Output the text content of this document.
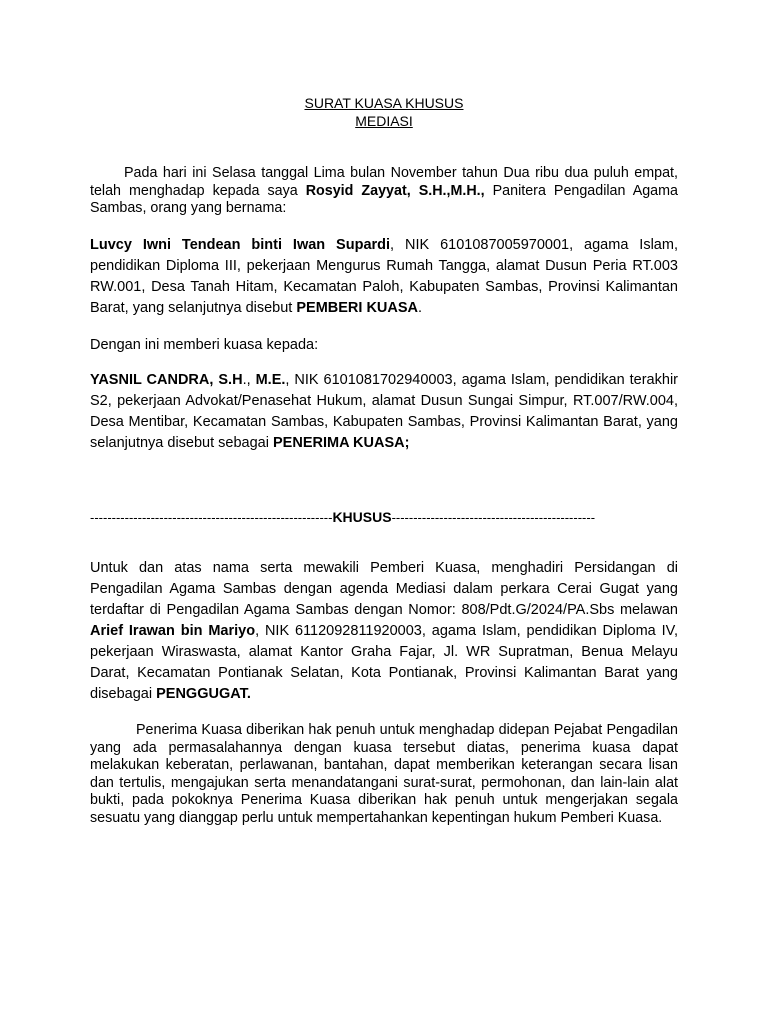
SURAT KUASA KHUSUS
MEDIASI

Pada hari ini Selasa tanggal Lima bulan November tahun Dua ribu dua puluh empat, telah menghadap kepada saya Rosyid Zayyat, S.H.,M.H., Panitera Pengadilan Agama Sambas, orang yang bernama:

Luvcy Iwni Tendean binti Iwan Supardi, NIK 6101087005970001, agama Islam, pendidikan Diploma III, pekerjaan Mengurus Rumah Tangga, alamat Dusun Peria RT.003 RW.001, Desa Tanah Hitam, Kecamatan Paloh, Kabupaten Sambas, Provinsi Kalimantan Barat, yang selanjutnya disebut PEMBERI KUASA.

Dengan ini memberi kuasa kepada:

YASNIL CANDRA, S.H., M.E., NIK 6101081702940003, agama Islam, pendidikan terakhir S2, pekerjaan Advokat/Penasehat Hukum, alamat Dusun Sungai Simpur, RT.007/RW.004, Desa Mentibar, Kecamatan Sambas, Kabupaten Sambas, Provinsi Kalimantan Barat, yang selanjutnya disebut sebagai PENERIMA KUASA;

--------------------------------------------------------KHUSUS-----------------------------------------------

Untuk dan atas nama serta mewakili Pemberi Kuasa, menghadiri Persidangan di Pengadilan Agama Sambas dengan agenda Mediasi dalam perkara Cerai Gugat yang terdaftar di Pengadilan Agama Sambas dengan Nomor: 808/Pdt.G/2024/PA.Sbs melawan Arief Irawan bin Mariyo, NIK 6112092811920003, agama Islam, pendidikan Diploma IV, pekerjaan Wiraswasta, alamat Kantor Graha Fajar, Jl. WR Supratman, Benua Melayu Darat, Kecamatan Pontianak Selatan, Kota Pontianak, Provinsi Kalimantan Barat yang disebagai PENGGUGAT.

Penerima Kuasa diberikan hak penuh untuk menghadap didepan Pejabat Pengadilan yang ada permasalahannya dengan kuasa tersebut diatas, penerima kuasa dapat melakukan keberatan, perlawanan, bantahan, dapat memberikan keterangan secara lisan dan tertulis, mengajukan serta menandatangani surat-surat, permohonan, dan lain-lain alat bukti, pada pokoknya Penerima Kuasa diberikan hak penuh untuk mengerjakan segala sesuatu yang dianggap perlu untuk mempertahankan kepentingan hukum Pemberi Kuasa.
